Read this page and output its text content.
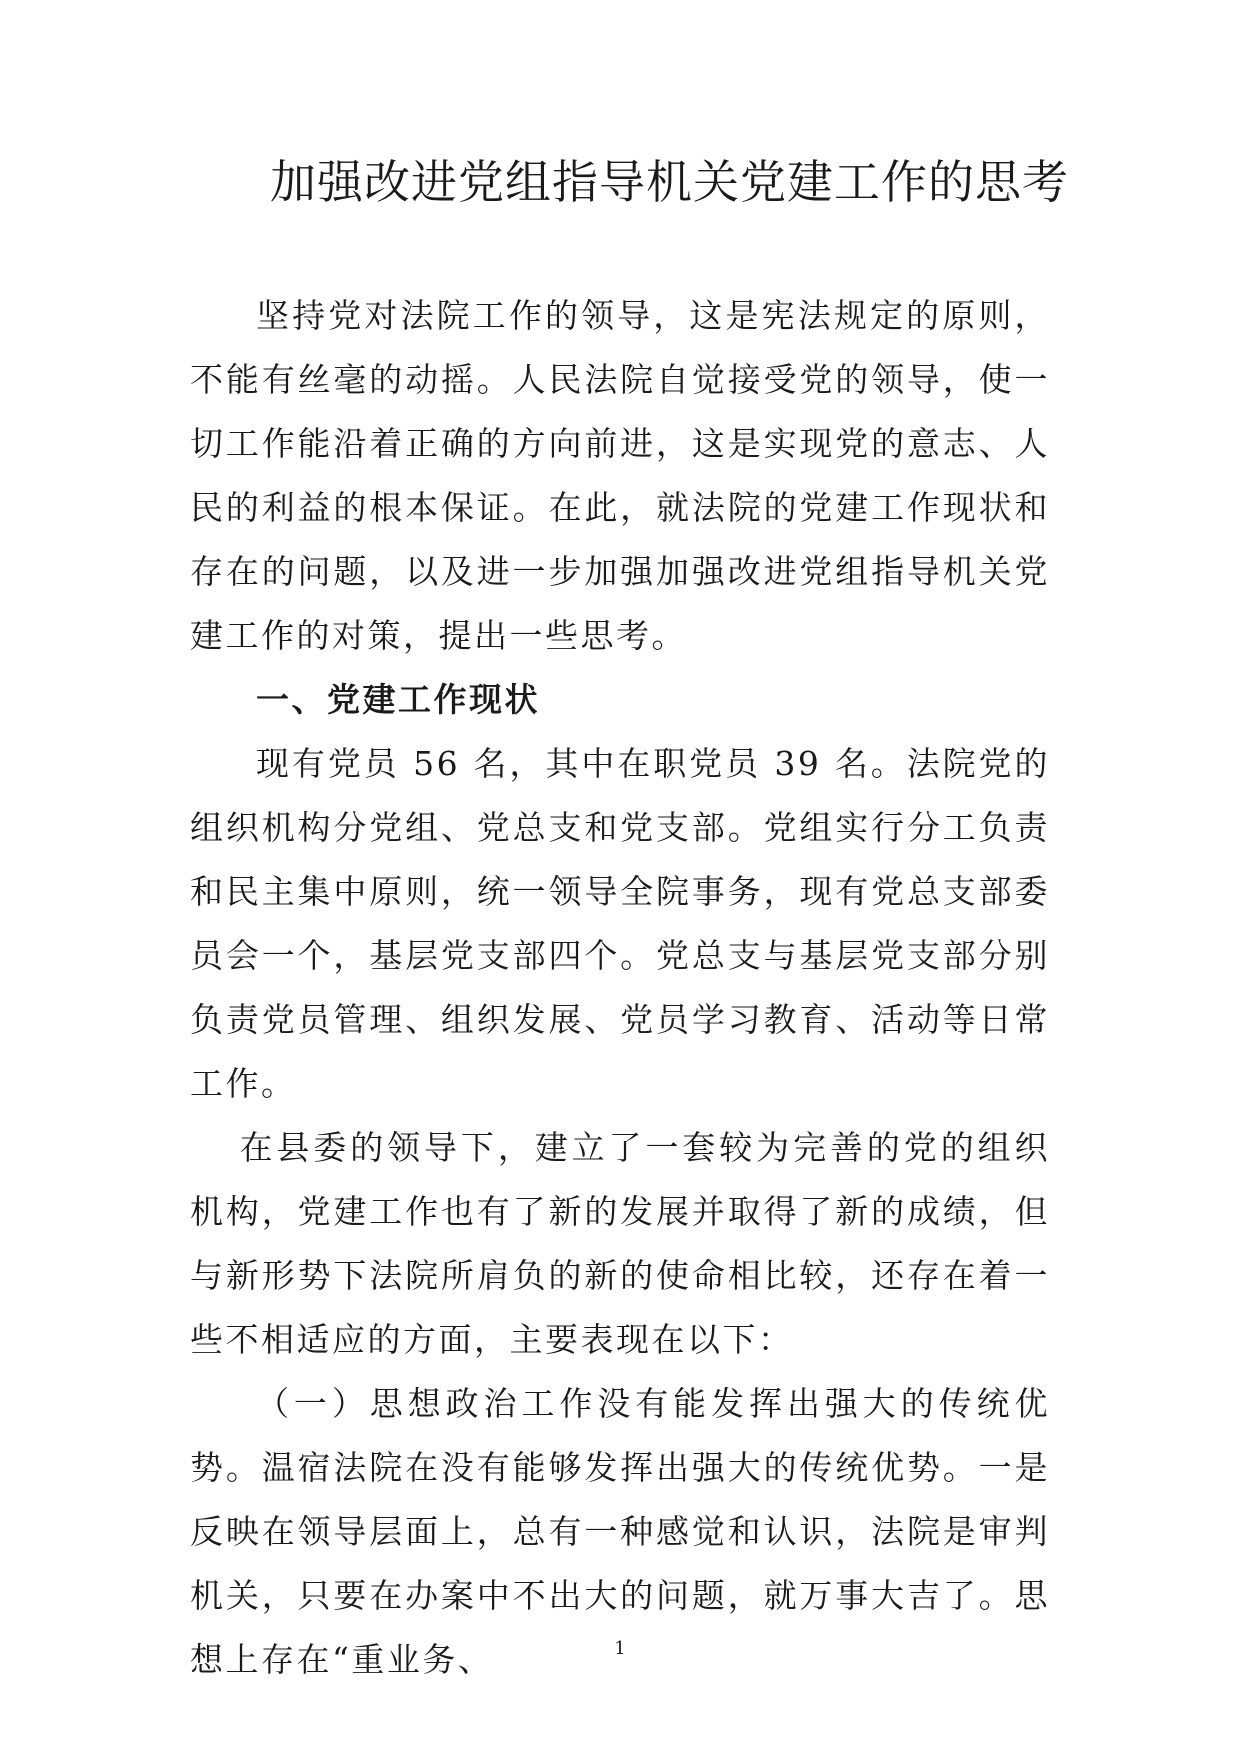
加强改进党组指导机关党建工作的思考

坚持党对法院工作的领导，这是宪法规定的原则，不能有丝毫的动摇。人民法院自觉接受党的领导，使一切工作能沿着正确的方向前进，这是实现党的意志、人民的利益的根本保证。在此，就法院的党建工作现状和存在的问题，以及进一步加强加强改进党组指导机关党建工作的对策，提出一些思考。

一、党建工作现状

现有党员 56 名，其中在职党员 39 名。法院党的组织机构分党组、党总支和党支部。党组实行分工负责和民主集中原则，统一领导全院事务，现有党总支部委员会一个，基层党支部四个。党总支与基层党支部分别负责党员管理、组织发展、党员学习教育、活动等日常工作。

在县委的领导下，建立了一套较为完善的党的组织机构，党建工作也有了新的发展并取得了新的成绩，但与新形势下法院所肩负的新的使命相比较，还存在着一些不相适应的方面，主要表现在以下：

（一）思想政治工作没有能发挥出强大的传统优势。温宿法院在没有能够发挥出强大的传统优势。一是反映在领导层面上，总有一种感觉和认识，法院是审判机关，只要在办案中不出大的问题，就万事大吉了。思想上存在“重业务、	1
